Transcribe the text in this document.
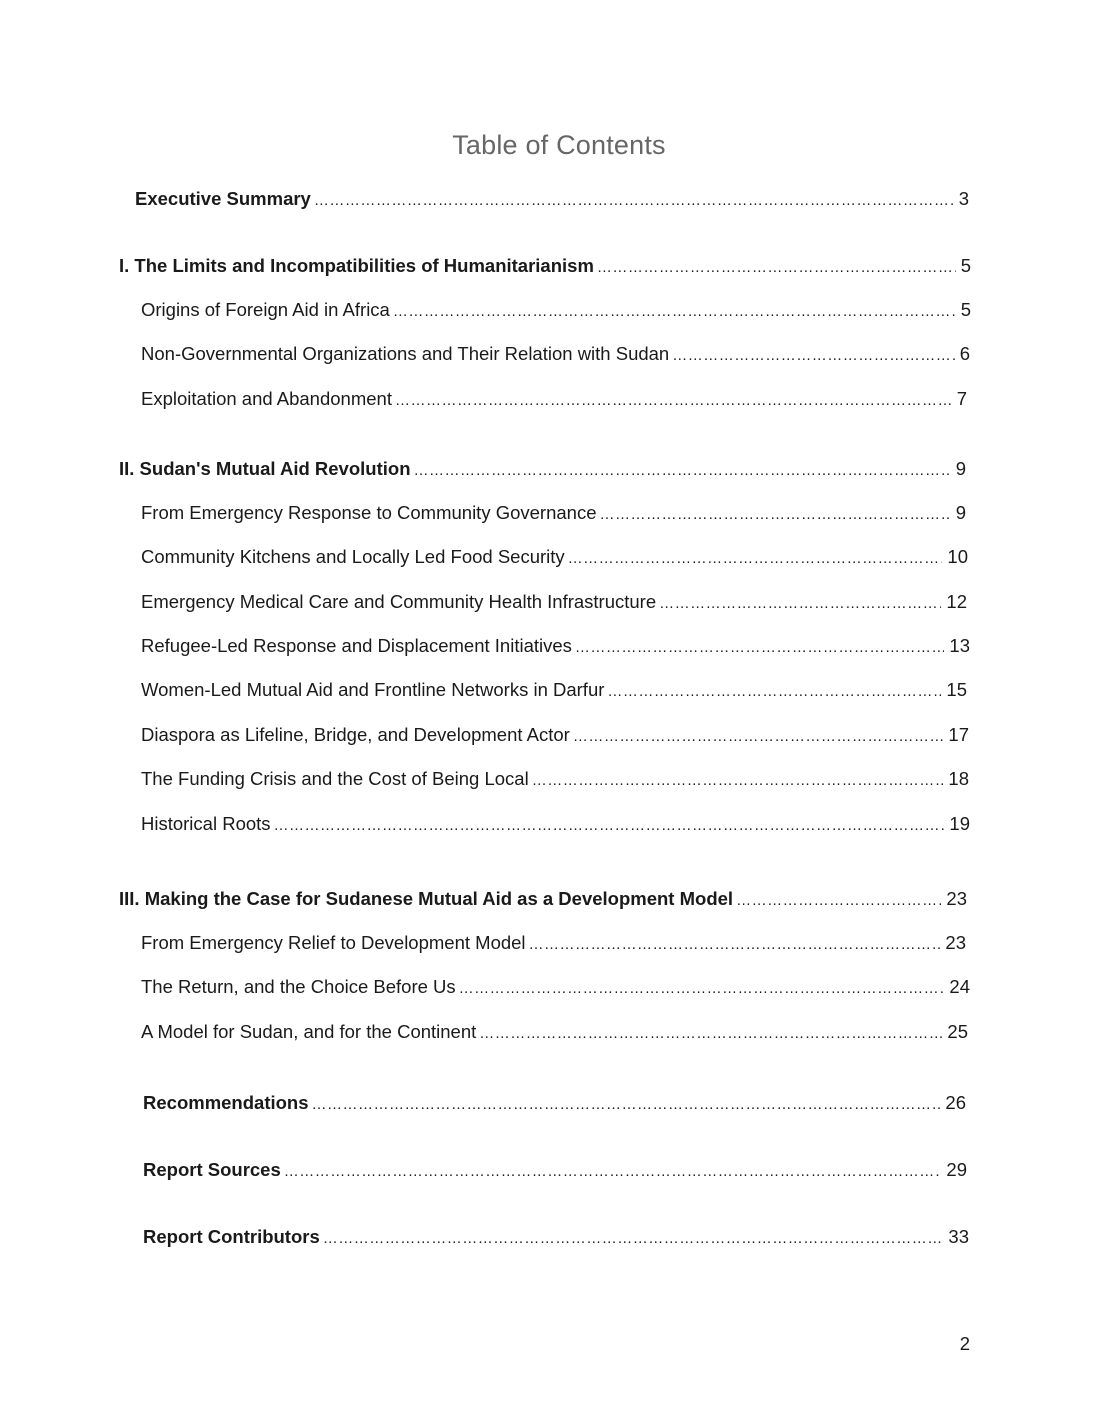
Table of Contents
Executive Summary …………………………………………………………………………………………………………………………………………………………………………………………………………………………………	3
I. The Limits and Incompatibilities of Humanitarianism …………………………………………………………………………………………………………………………………………………………………………………………………………………………………	5
Origins of Foreign Aid in Africa …………………………………………………………………………………………………………………………………………………………………………………………………………………………………	5
Non-Governmental Organizations and Their Relation with Sudan …………………………………………………………………………………………………………………………………………………………………………………………………………………………………	6
Exploitation and Abandonment …………………………………………………………………………………………………………………………………………………………………………………………………………………………………	7
II. Sudan's Mutual Aid Revolution …………………………………………………………………………………………………………………………………………………………………………………………………………………………………	9
From Emergency Response to Community Governance …………………………………………………………………………………………………………………………………………………………………………………………………………………………………	9
Community Kitchens and Locally Led Food Security …………………………………………………………………………………………………………………………………………………………………………………………………………………………………	10
Emergency Medical Care and Community Health Infrastructure …………………………………………………………………………………………………………………………………………………………………………………………………………………………………	12
Refugee-Led Response and Displacement Initiatives …………………………………………………………………………………………………………………………………………………………………………………………………………………………………	13
Women-Led Mutual Aid and Frontline Networks in Darfur …………………………………………………………………………………………………………………………………………………………………………………………………………………………………	15
Diaspora as Lifeline, Bridge, and Development Actor …………………………………………………………………………………………………………………………………………………………………………………………………………………………………	17
The Funding Crisis and the Cost of Being Local …………………………………………………………………………………………………………………………………………………………………………………………………………………………………	18
Historical Roots …………………………………………………………………………………………………………………………………………………………………………………………………………………………………	19
III. Making the Case for Sudanese Mutual Aid as a Development Model …………………………………………………………………………………………………………………………………………………………………………………………………………………………………	23
From Emergency Relief to Development Model …………………………………………………………………………………………………………………………………………………………………………………………………………………………………	23
The Return, and the Choice Before Us …………………………………………………………………………………………………………………………………………………………………………………………………………………………………	24
A Model for Sudan, and for the Continent …………………………………………………………………………………………………………………………………………………………………………………………………………………………………	25
Recommendations …………………………………………………………………………………………………………………………………………………………………………………………………………………………………	26
Report Sources …………………………………………………………………………………………………………………………………………………………………………………………………………………………………	29
Report Contributors …………………………………………………………………………………………………………………………………………………………………………………………………………………………………	33
2
